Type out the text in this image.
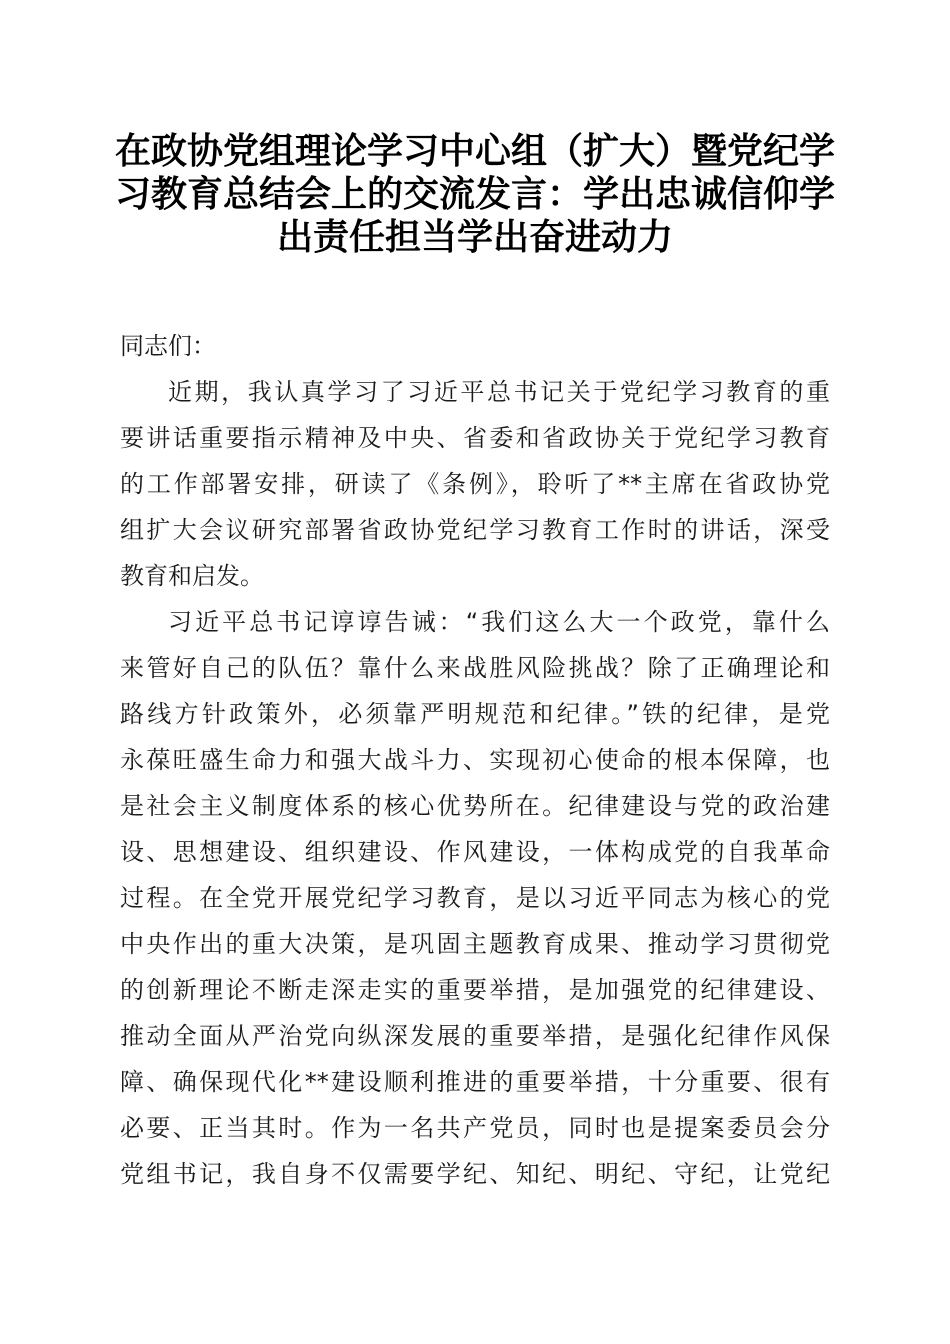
在政协党组理论学习中心组（扩大）暨党纪学
习教育总结会上的交流发言：学出忠诚信仰学
出责任担当学出奋进动力
同志们：
近期，我认真学习了习近平总书记关于党纪学习教育的重
要讲话重要指示精神及中央、省委和省政协关于党纪学习教育
的工作部署安排，研读了《条例》，聆听了**主席在省政协党
组扩大会议研究部署省政协党纪学习教育工作时的讲话，深受
教育和启发。
习近平总书记谆谆告诫：“我们这么大一个政党，靠什么
来管好自己的队伍？靠什么来战胜风险挑战？除了正确理论和
路线方针政策外，必须靠严明规范和纪律。”铁的纪律，是党
永葆旺盛生命力和强大战斗力、实现初心使命的根本保障，也
是社会主义制度体系的核心优势所在。纪律建设与党的政治建
设、思想建设、组织建设、作风建设，一体构成党的自我革命
过程。在全党开展党纪学习教育，是以习近平同志为核心的党
中央作出的重大决策，是巩固主题教育成果、推动学习贯彻党
的创新理论不断走深走实的重要举措，是加强党的纪律建设、
推动全面从严治党向纵深发展的重要举措，是强化纪律作风保
障、确保现代化**建设顺利推进的重要举措，十分重要、很有
必要、正当其时。作为一名共产党员，同时也是提案委员会分
党组书记，我自身不仅需要学纪、知纪、明纪、守纪，让党纪
